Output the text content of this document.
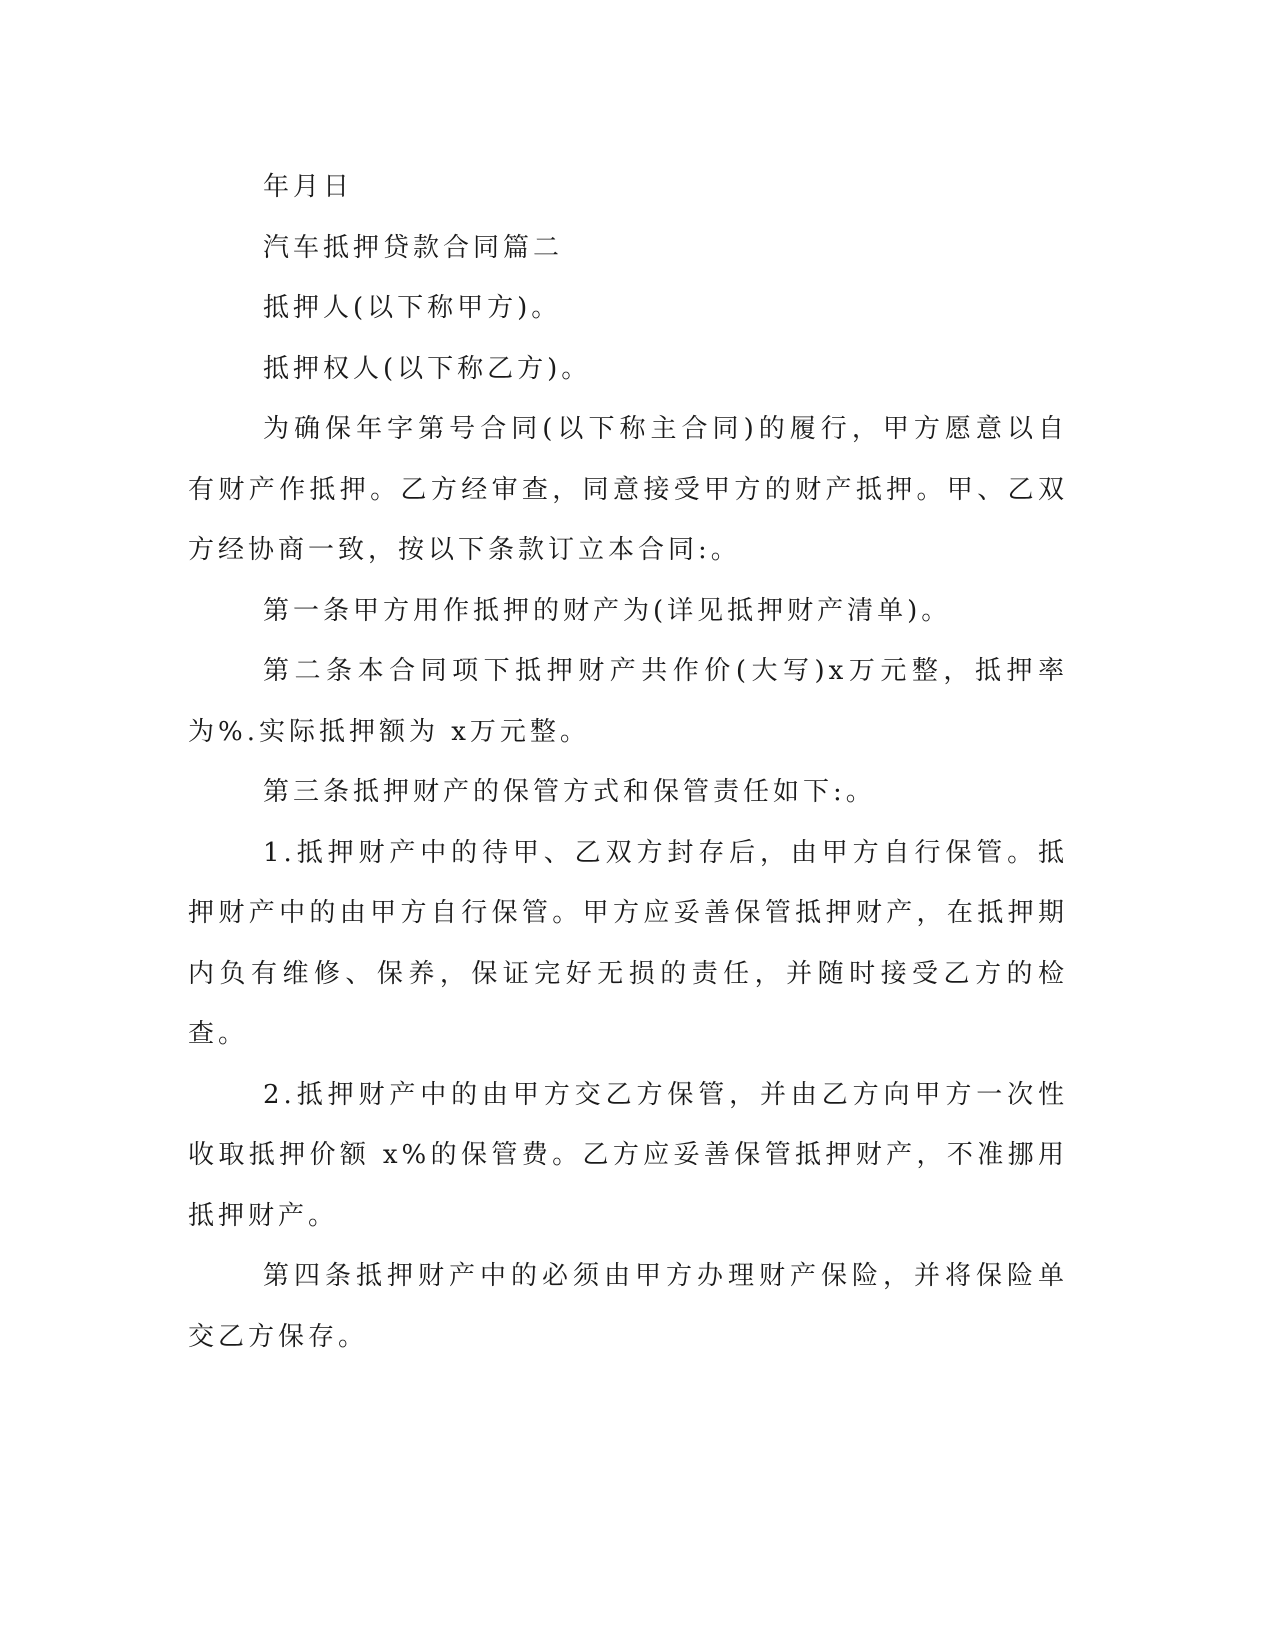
年月日

汽车抵押贷款合同篇二

抵押人(以下称甲方)。

抵押权人(以下称乙方)。

为确保年字第号合同(以下称主合同)的履行，甲方愿意以自有财产作抵押。乙方经审查，同意接受甲方的财产抵押。甲、乙双方经协商一致，按以下条款订立本合同:。

第一条甲方用作抵押的财产为(详见抵押财产清单)。

第二条本合同项下抵押财产共作价(大写)x万元整，抵押率为%.实际抵押额为 x万元整。

第三条抵押财产的保管方式和保管责任如下:。

1.抵押财产中的待甲、乙双方封存后，由甲方自行保管。抵押财产中的由甲方自行保管。甲方应妥善保管抵押财产，在抵押期内负有维修、保养，保证完好无损的责任，并随时接受乙方的检查。

2.抵押财产中的由甲方交乙方保管，并由乙方向甲方一次性收取抵押价额 x%的保管费。乙方应妥善保管抵押财产，不准挪用抵押财产。

第四条抵押财产中的必须由甲方办理财产保险，并将保险单交乙方保存。
